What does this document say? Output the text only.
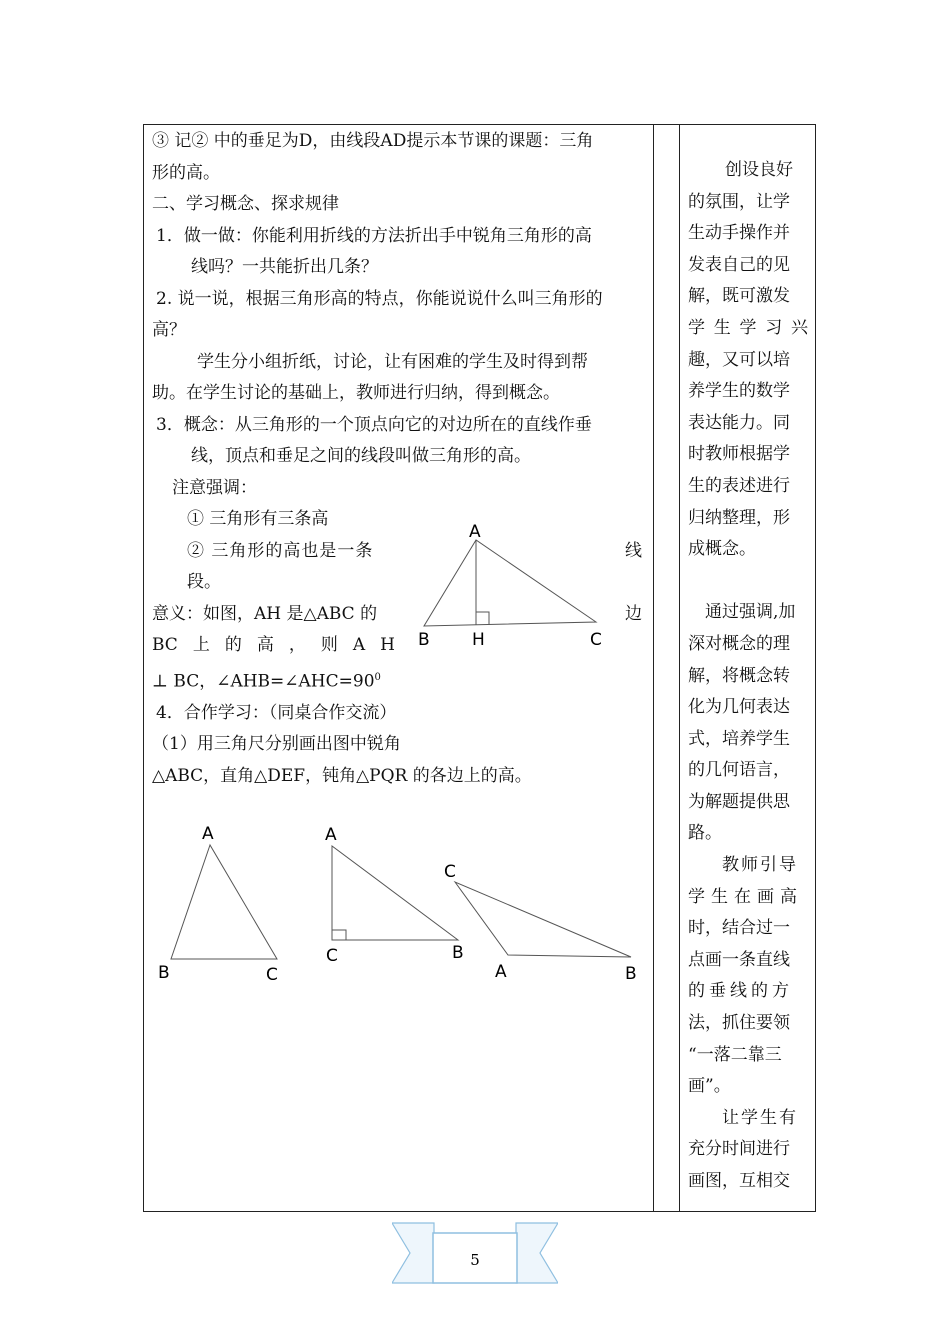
③ 记② 中的垂足为D，由线段AD提示本节课的课题：三角
形的高。
二、学习概念、探求规律
1．做一做：你能利用折线的方法折出手中锐角三角形的高
线吗？一共能折出几条？
2. 说一说，根据三角形高的特点，你能说说什么叫三角形的
高？
学生分小组折纸，讨论，让有困难的学生及时得到帮
助。在学生讨论的基础上，教师进行归纳，得到概念。
3．概念：从三角形的一个顶点向它的对边所在的直线作垂
线，顶点和垂足之间的线段叫做三角形的高。
注意强调：
① 三角形有三条高
② 三角形的高也是一条	线
段。
意义：如图，AH 是△ABC 的	边
BC 上 的 高 ， 则 A H
⊥ BC，$\angle AHB=\angle AHC=90^0$
4．合作学习：（同桌合作交流）
（1）用三角尺分别画出图中锐角
△ABC，直角△DEF，钝角△PQR 的各边上的高。
创设良好
的氛围，让学
生动手操作并
发表自己的见
解，既可激发
学 生 学 习 兴
趣，又可以培
养学生的数学
表达能力。同
时教师根据学
生的表述进行
归纳整理，形
成概念。
通过强调,加
深对概念的理
解，将概念转
化为几何表达
式，培养学生
的几何语言，
为解题提供思
路。
教师引导
学生在画高
时，结合过一
点画一条直线
的垂线的方
法，抓住要领
“一落二靠三
画”。
让学生有
充分时间进行
画图，互相交
A
B H	C
A
B	C
A
C	B
C
A	B
5
